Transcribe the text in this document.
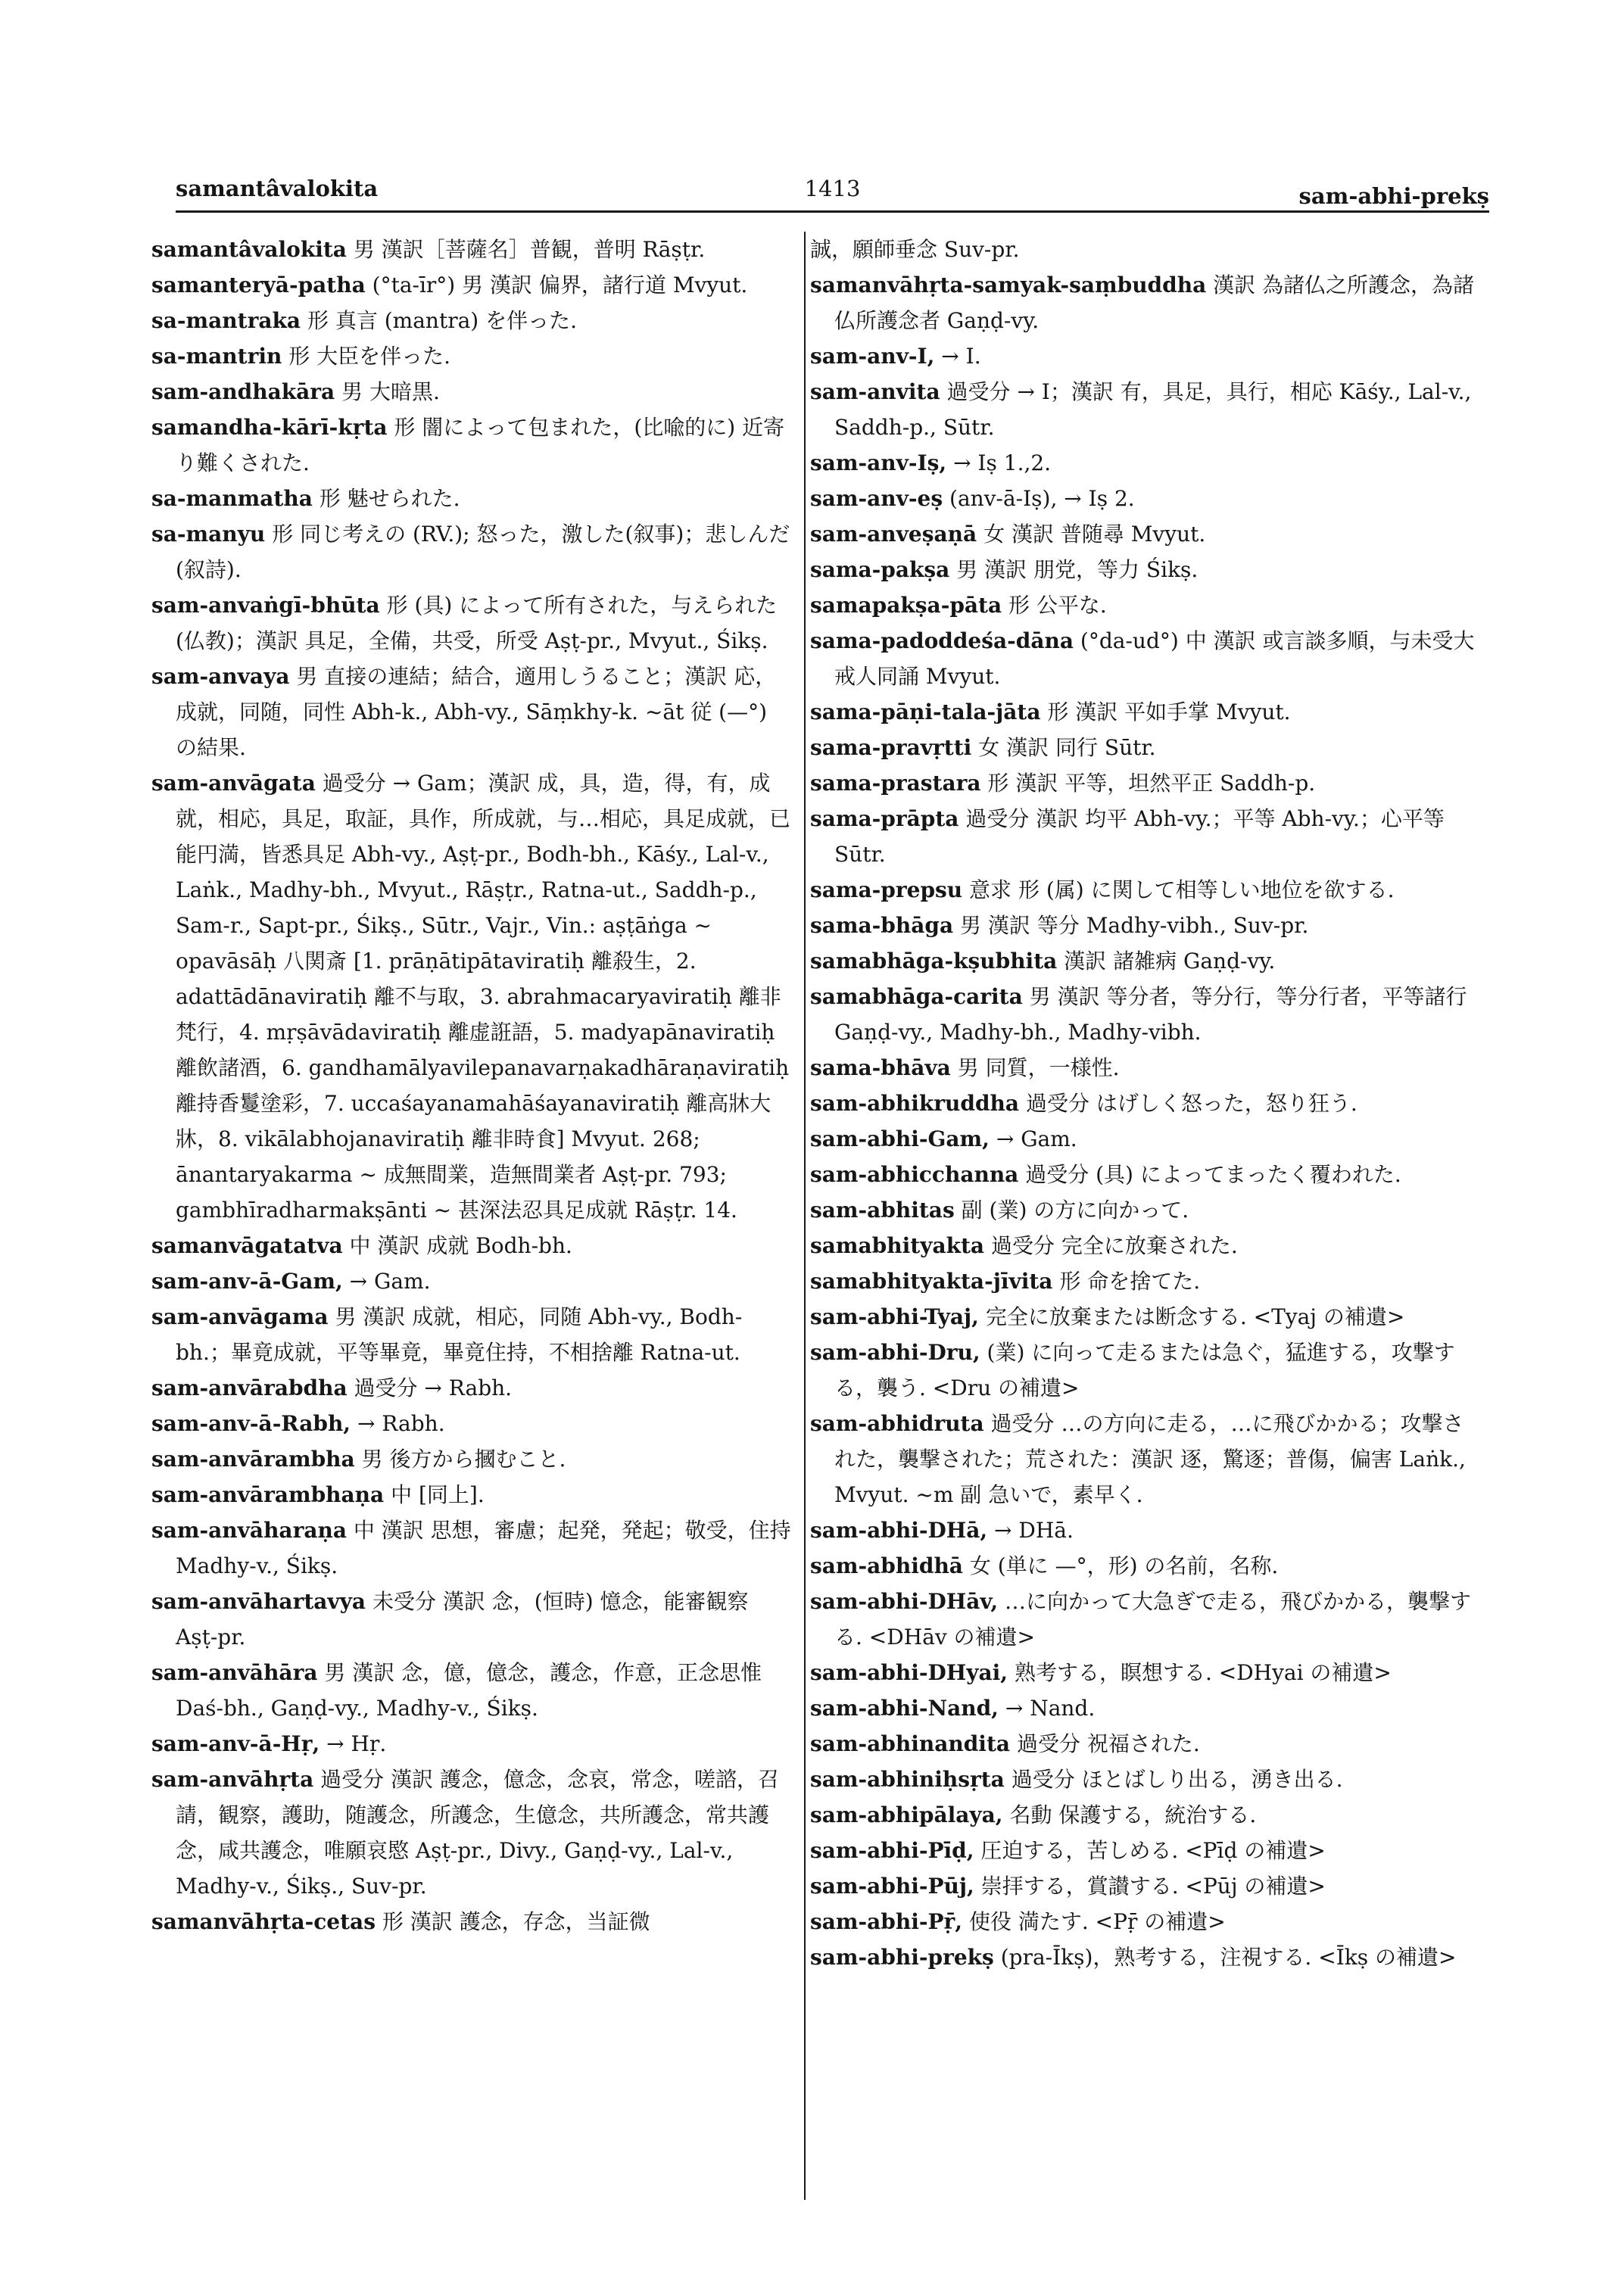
samantâvalokita	1413	sam-abhi-prekṣ

samantâvalokita 男 漢訳［菩薩名］普観，普明 Rāṣṭr.

samanteryā-patha (°ta-īr°) 男 漢訳 偏界，諸行道 Mvyut.

sa-mantraka 形 真言 (mantra) を伴った.

sa-mantrin 形 大臣を伴った.

sam-andhakāra 男 大暗黒.

samandha-kārī-kṛta 形 闇によって包まれた，(比喩的に) 近寄り難くされた.

sa-manmatha 形 魅せられた.

sa-manyu 形 同じ考えの (RV.); 怒った，激した(叙事)；悲しんだ (叙詩).

sam-anvaṅgī-bhūta 形 (具) によって所有された，与えられた (仏教)；漢訳 具足，全備，共受，所受 Aṣṭ-pr., Mvyut., Śikṣ.

sam-anvaya 男 直接の連結；結合，適用しうること；漢訳 応，成就，同随，同性 Abh-k., Abh-vy., Sāṃkhy-k. ~āt 従 (—°) の結果.

sam-anvāgata 過受分 → Gam；漢訳 成，具，造，得，有，成就，相応，具足，取証，具作，所成就，与…相応，具足成就，已能円満，皆悉具足 Abh-vy., Aṣṭ-pr., Bodh-bh., Kāśy., Lal-v., Laṅk., Madhy-bh., Mvyut., Rāṣṭr., Ratna-ut., Saddh-p., Sam-r., Sapt-pr., Śikṣ., Sūtr., Vajr., Vin.: aṣṭāṅga ~ opavāsāḥ 八関斎 [1. prāṇātipātaviratiḥ 離殺生，2. adattādānaviratiḥ 離不与取，3. abrahmacaryaviratiḥ 離非梵行，4. mṛṣāvādaviratiḥ 離虚誑語，5. madyapānaviratiḥ 離飲諸酒，6. gandhamālyavilepanavarṇakadhāraṇaviratiḥ 離持香鬘塗彩，7. uccaśayanamahāśayanaviratiḥ 離高牀大牀，8. vikālabhojanaviratiḥ 離非時食] Mvyut. 268; ānantaryakarma ~ 成無間業，造無間業者 Aṣṭ-pr. 793; gambhīradharmakṣānti ~ 甚深法忍具足成就 Rāṣṭr. 14.

samanvāgatatva 中 漢訳 成就 Bodh-bh.

sam-anv-ā-Gam, → Gam.

sam-anvāgama 男 漢訳 成就，相応，同随 Abh-vy., Bodh-bh.；畢竟成就，平等畢竟，畢竟住持，不相捨離 Ratna-ut.

sam-anvārabdha 過受分 → Rabh.

sam-anv-ā-Rabh, → Rabh.

sam-anvārambha 男 後方から摑むこと.

sam-anvārambhaṇa 中 [同上].

sam-anvāharaṇa 中 漢訳 思想，審慮；起発，発起；敬受，住持 Madhy-v., Śikṣ.

sam-anvāhartavya 未受分 漢訳 念，(恒時) 憶念，能審観察 Aṣṭ-pr.

sam-anvāhāra 男 漢訳 念，億，億念，護念，作意，正念思惟 Daś-bh., Gaṇḍ-vy., Madhy-v., Śikṣ.

sam-anv-ā-Hṛ, → Hṛ.

sam-anvāhṛta 過受分 漢訳 護念，億念，念哀，常念，嗟諮，召請，観察，護助，随護念，所護念，生億念，共所護念，常共護念，咸共護念，唯願哀愍 Aṣṭ-pr., Divy., Gaṇḍ-vy., Lal-v., Madhy-v., Śikṣ., Suv-pr.

samanvāhṛta-cetas 形 漢訳 護念，存念，当証微

誠，願師垂念 Suv-pr.

samanvāhṛta-samyak-saṃbuddha 漢訳 為諸仏之所護念，為諸仏所護念者 Gaṇḍ-vy.

sam-anv-I, → I.

sam-anvita 過受分 → I；漢訳 有，具足，具行，相応 Kāśy., Lal-v., Saddh-p., Sūtr.

sam-anv-Iṣ, → Iṣ 1.,2.

sam-anv-eṣ (anv-ā-Iṣ), → Iṣ 2.

sam-anveṣaṇā 女 漢訳 普随尋 Mvyut.

sama-pakṣa 男 漢訳 朋党，等力 Śikṣ.

samapakṣa-pāta 形 公平な.

sama-padoddeśa-dāna (°da-ud°) 中 漢訳 或言談多順，与未受大戒人同誦 Mvyut.

sama-pāṇi-tala-jāta 形 漢訳 平如手掌 Mvyut.

sama-pravṛtti 女 漢訳 同行 Sūtr.

sama-prastara 形 漢訳 平等，坦然平正 Saddh-p.

sama-prāpta 過受分 漢訳 均平 Abh-vy.；平等 Abh-vy.；心平等 Sūtr.

sama-prepsu 意求 形 (属) に関して相等しい地位を欲する.

sama-bhāga 男 漢訳 等分 Madhy-vibh., Suv-pr.

samabhāga-kṣubhita 漢訳 諸雑病 Gaṇḍ-vy.

samabhāga-carita 男 漢訳 等分者，等分行，等分行者，平等諸行 Gaṇḍ-vy., Madhy-bh., Madhy-vibh.

sama-bhāva 男 同質，一様性.

sam-abhikruddha 過受分 はげしく怒った，怒り狂う.

sam-abhi-Gam, → Gam.

sam-abhicchanna 過受分 (具) によってまったく覆われた.

sam-abhitas 副 (業) の方に向かって.

samabhityakta 過受分 完全に放棄された.

samabhityakta-jīvita 形 命を捨てた.

sam-abhi-Tyaj, 完全に放棄または断念する. <Tyaj の補遺>

sam-abhi-Dru, (業) に向って走るまたは急ぐ，猛進する，攻撃する，襲う. <Dru の補遺>

sam-abhidruta 過受分 …の方向に走る，…に飛びかかる；攻撃された，襲撃された；荒された：漢訳 逐，驚逐；普傷，偏害 Laṅk., Mvyut. ~m 副 急いで，素早く.

sam-abhi-DHā, → DHā.

sam-abhidhā 女 (単に —°，形) の名前，名称.

sam-abhi-DHāv, …に向かって大急ぎで走る，飛びかかる，襲撃する. <DHāv の補遺>

sam-abhi-DHyai, 熟考する，瞑想する. <DHyai の補遺>

sam-abhi-Nand, → Nand.

sam-abhinandita 過受分 祝福された.

sam-abhiniḥsṛta 過受分 ほとばしり出る，湧き出る.

sam-abhipālaya, 名動 保護する，統治する.

sam-abhi-Pīḍ, 圧迫する，苦しめる. <Pīḍ の補遺>

sam-abhi-Pūj, 崇拝する，賞讃する. <Pūj の補遺>

sam-abhi-Pṝ, 使役 満たす. <Pṝ の補遺>

sam-abhi-prekṣ (pra-Īkṣ)，熟考する，注視する. <Īkṣ の補遺>
